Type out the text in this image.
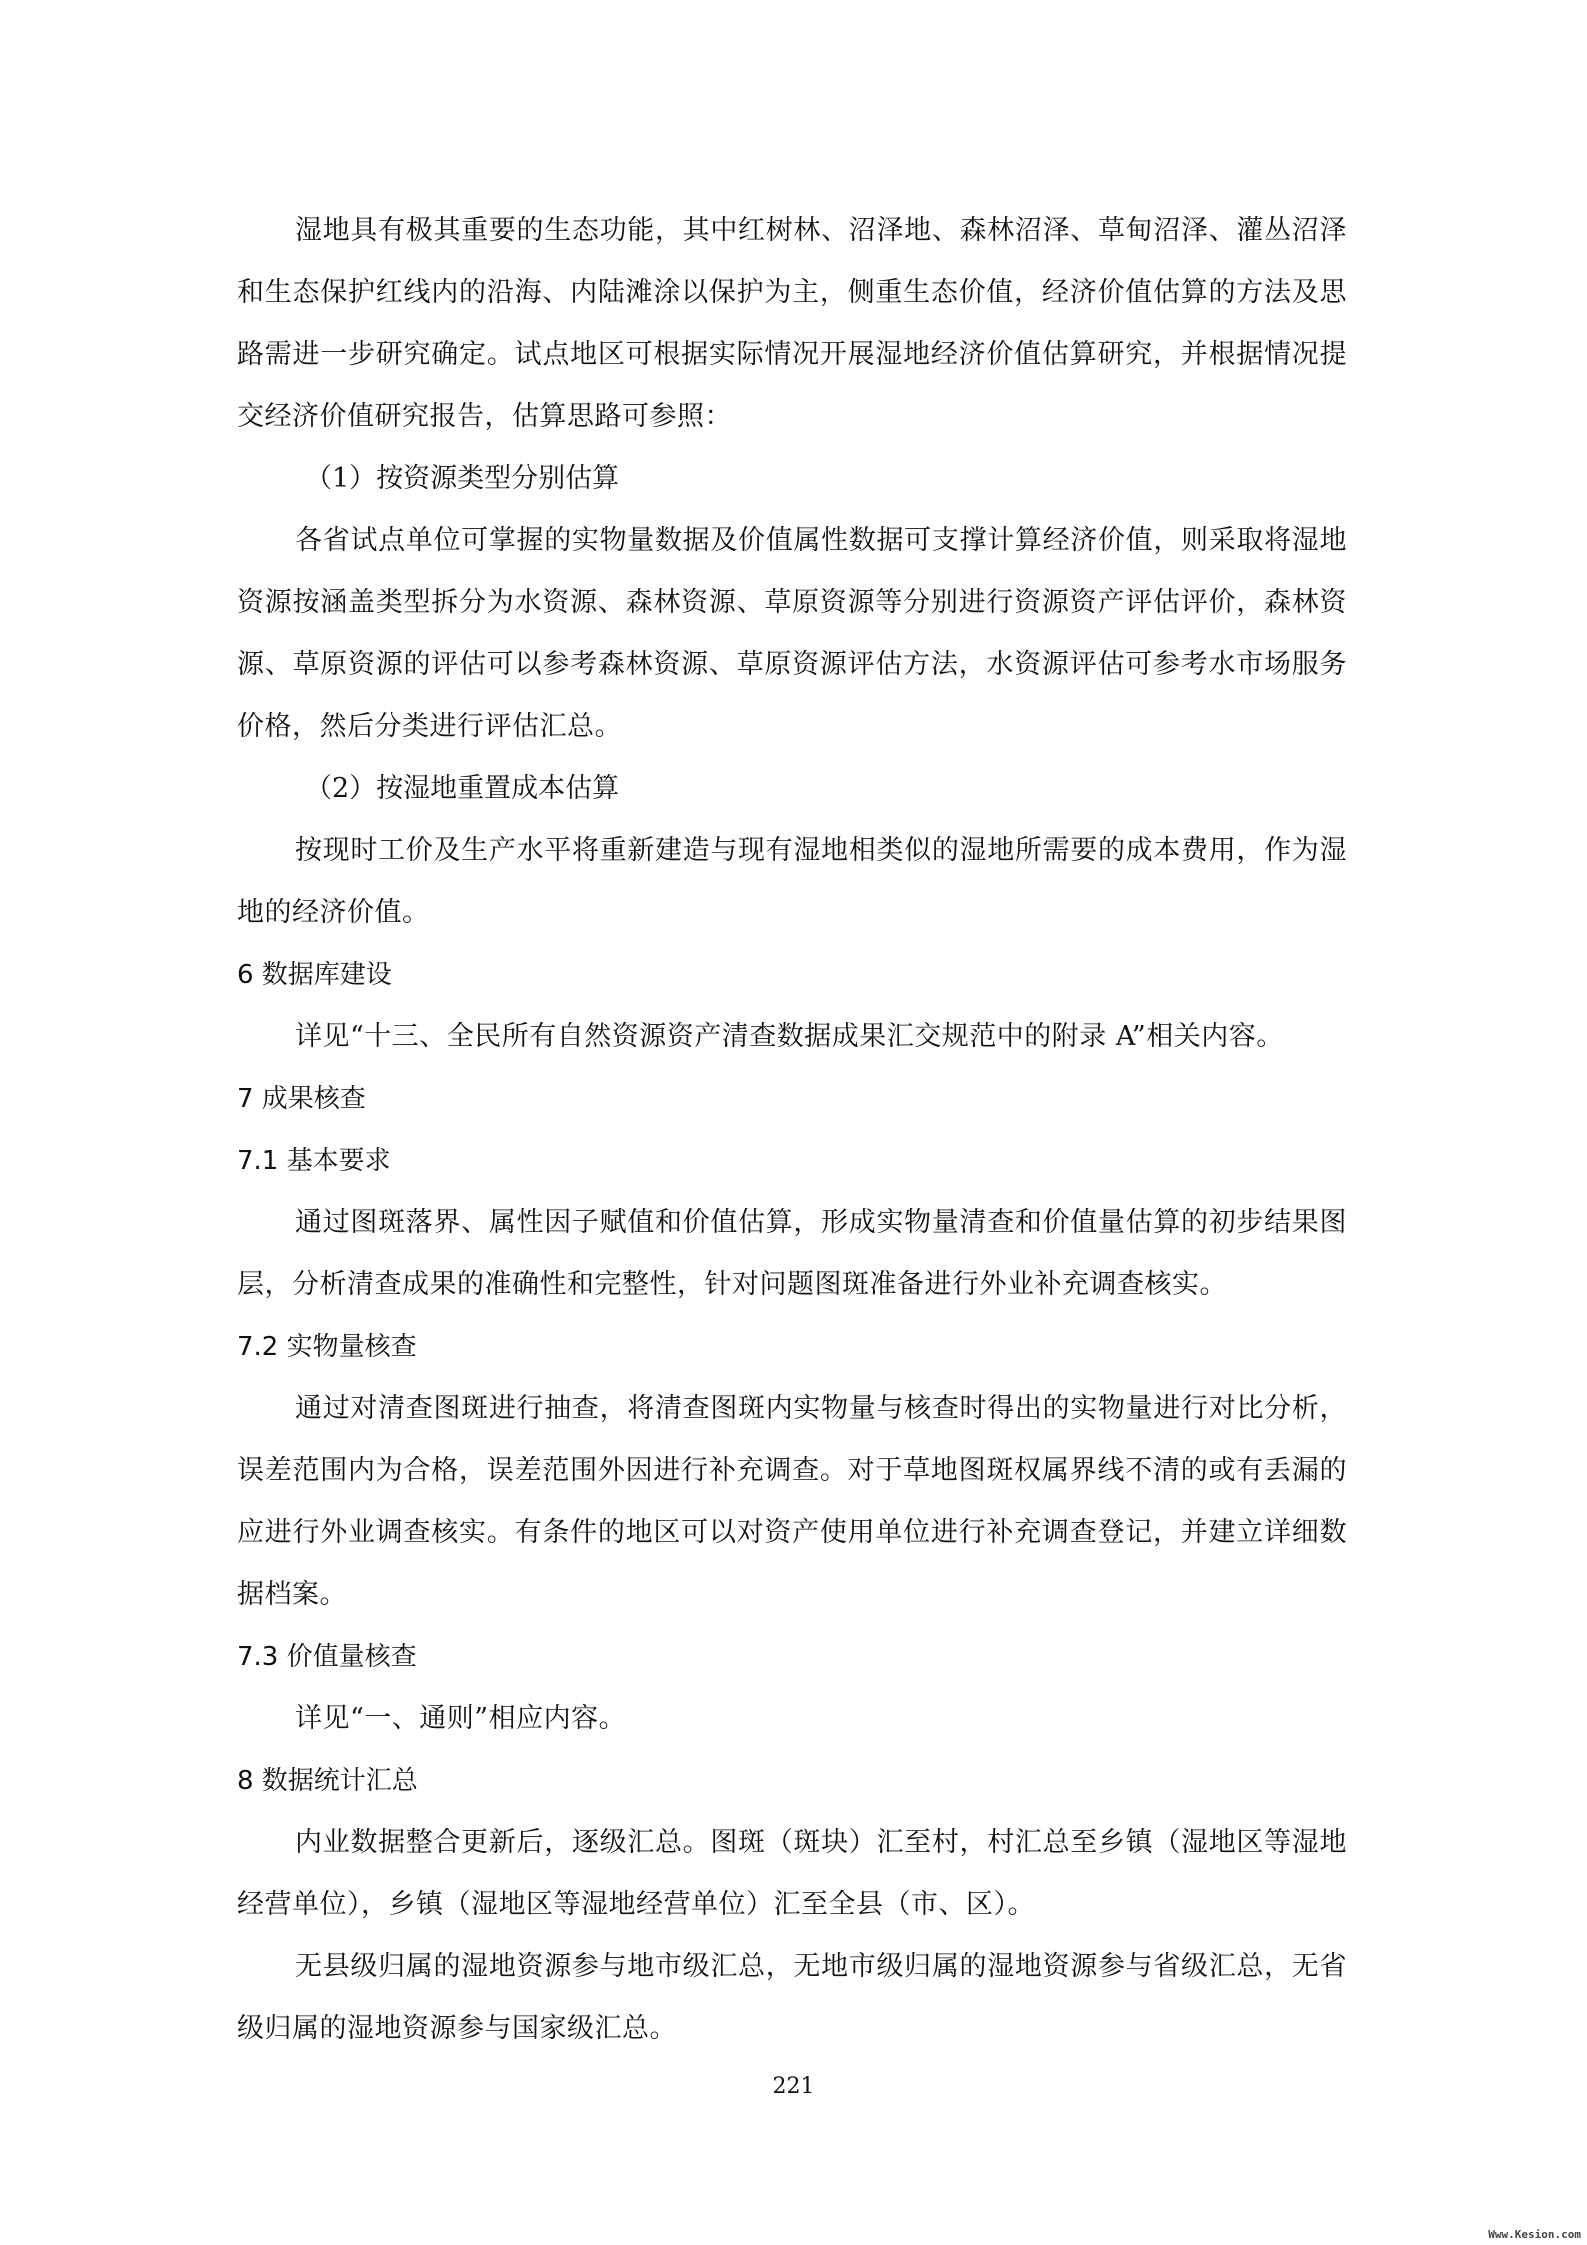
湿地具有极其重要的生态功能，其中红树林、沼泽地、森林沼泽、草甸沼泽、灌丛沼泽和生态保护红线内的沿海、内陆滩涂以保护为主，侧重生态价值，经济价值估算的方法及思路需进一步研究确定。试点地区可根据实际情况开展湿地经济价值估算研究，并根据情况提交经济价值研究报告，估算思路可参照：

（1）按资源类型分别估算

各省试点单位可掌握的实物量数据及价值属性数据可支撑计算经济价值，则采取将湿地资源按涵盖类型拆分为水资源、森林资源、草原资源等分别进行资源资产评估评价，森林资源、草原资源的评估可以参考森林资源、草原资源评估方法，水资源评估可参考水市场服务价格，然后分类进行评估汇总。

（2）按湿地重置成本估算

按现时工价及生产水平将重新建造与现有湿地相类似的湿地所需要的成本费用，作为湿地的经济价值。

6 数据库建设

详见“十三、全民所有自然资源资产清查数据成果汇交规范中的附录 A”相关内容。

7 成果核查
7.1 基本要求

通过图斑落界、属性因子赋值和价值估算，形成实物量清查和价值量估算的初步结果图层，分析清查成果的准确性和完整性，针对问题图斑准备进行外业补充调查核实。

7.2 实物量核查

通过对清查图斑进行抽查，将清查图斑内实物量与核查时得出的实物量进行对比分析，误差范围内为合格，误差范围外因进行补充调查。对于草地图斑权属界线不清的或有丢漏的应进行外业调查核实。有条件的地区可以对资产使用单位进行补充调查登记，并建立详细数据档案。

7.3 价值量核查

详见“一、通则”相应内容。

8 数据统计汇总

内业数据整合更新后，逐级汇总。图斑（斑块）汇至村，村汇总至乡镇（湿地区等湿地经营单位），乡镇（湿地区等湿地经营单位）汇至全县（市、区）。

无县级归属的湿地资源参与地市级汇总，无地市级归属的湿地资源参与省级汇总，无省级归属的湿地资源参与国家级汇总。

221
Www.Kesion.com
